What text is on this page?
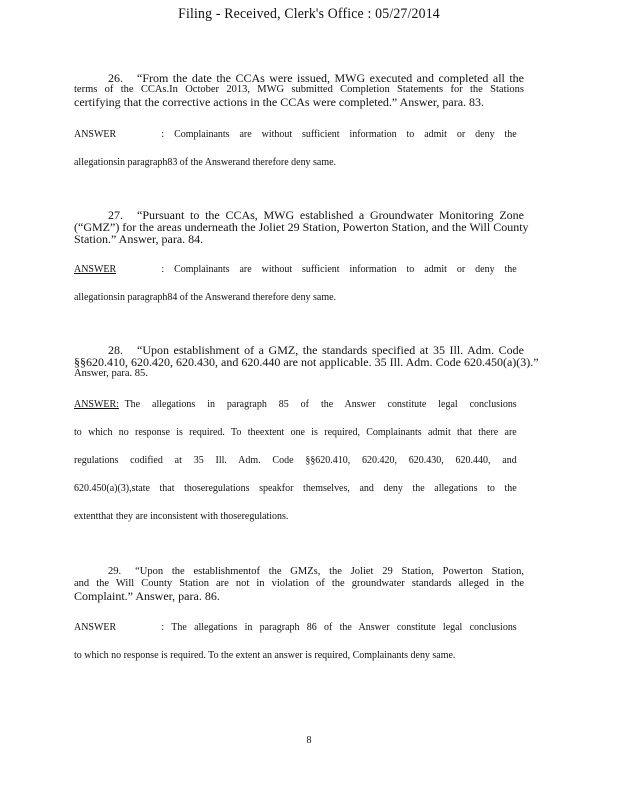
Filing - Received, Clerk's Office : 05/27/2014
26. “From the date the CCAs were issued, MWG executed and completed all the
terms of the CCAs.In October 2013, MWG submitted Completion Statements for the Stations
certifying that the corrective actions in the CCAs were completed.” Answer, para. 83.
ANSWER	: Complainants are without sufficient information to admit or deny the
allegationsin paragraph83 of the Answerand therefore deny same.
27. “Pursuant to the CCAs, MWG established a Groundwater Monitoring Zone
(“GMZ”) for the areas underneath the Joliet 29 Station, Powerton Station, and the Will County
Station.” Answer, para. 84.
ANSWER	: Complainants are without sufficient information to admit or deny the
allegationsin paragraph84 of the Answerand therefore deny same.
28. “Upon establishment of a GMZ, the standards specified at 35 Ill. Adm. Code
§§620.410, 620.420, 620.430, and 620.440 are not applicable. 35 Ill. Adm. Code 620.450(a)(3).”
Answer, para. 85.
ANSWER: The allegations in paragraph 85 of the Answer constitute legal conclusions
to which no response is required. To theextent one is required, Complainants admit that there are
regulations codified at 35 Ill. Adm. Code §§620.410, 620.420, 620.430, 620.440, and
620.450(a)(3),state that thoseregulations speakfor themselves, and deny the allegations to the
extentthat they are inconsistent with thoseregulations.
29. “Upon the establishmentof the GMZs, the Joliet 29 Station, Powerton Station,
and the Will County Station are not in violation of the groundwater standards alleged in the
Complaint.” Answer, para. 86.
ANSWER	: The allegations in paragraph 86 of the Answer constitute legal conclusions
to which no response is required. To the extent an answer is required, Complainants deny same.
8
